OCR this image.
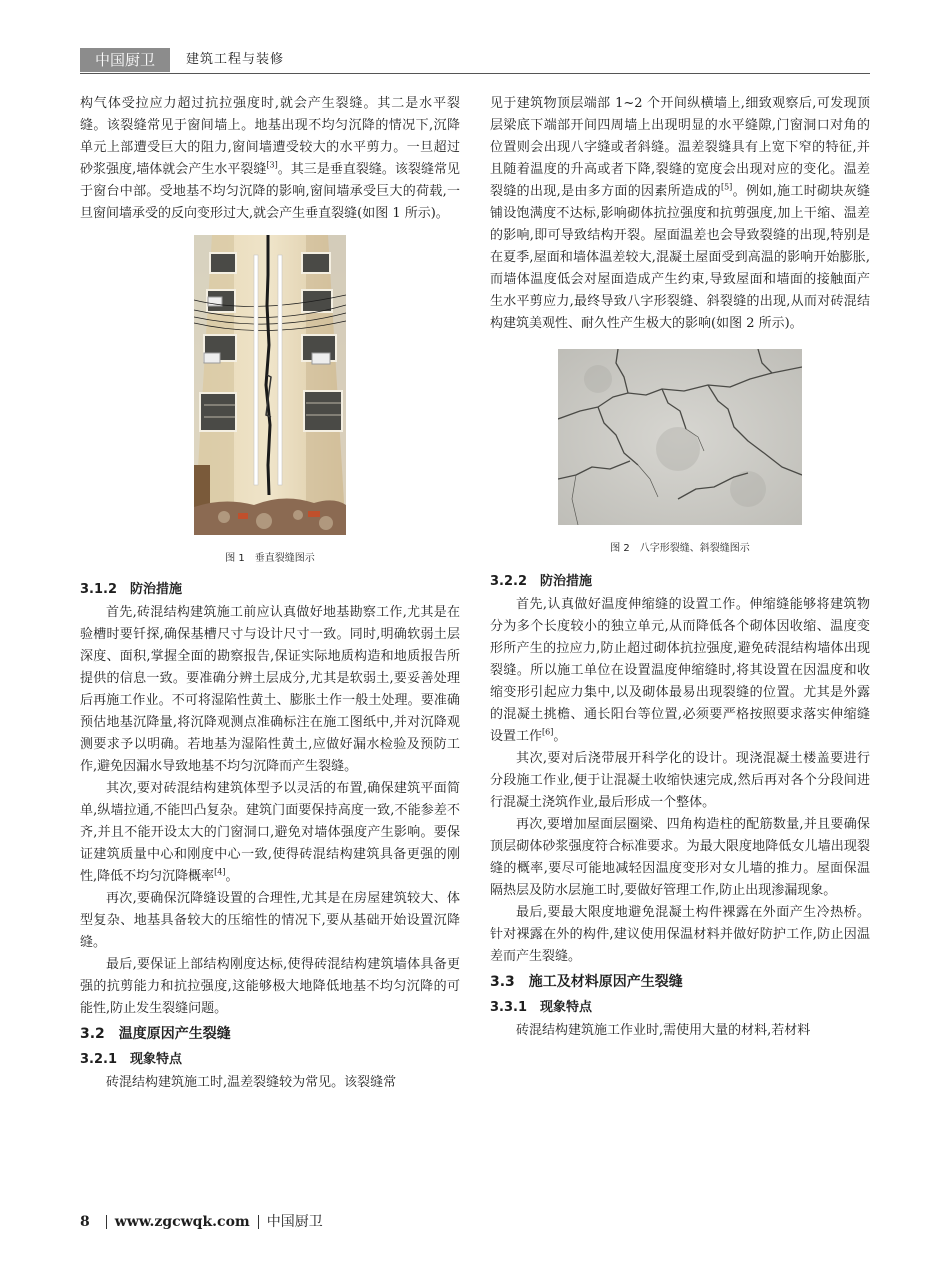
中国厨卫	建筑工程与装修

构气体受拉应力超过抗拉强度时,就会产生裂缝。其二是水平裂缝。该裂缝常见于窗间墙上。地基出现不均匀沉降的情况下,沉降单元上部遭受巨大的阻力,窗间墙遭受较大的水平剪力。一旦超过砂浆强度,墙体就会产生水平裂缝[3]。其三是垂直裂缝。该裂缝常见于窗台中部。受地基不均匀沉降的影响,窗间墙承受巨大的荷载,一旦窗间墙承受的反向变形过大,就会产生垂直裂缝(如图 1 所示)。

图 1　垂直裂缝图示
3.1.2　防治措施

首先,砖混结构建筑施工前应认真做好地基勘察工作,尤其是在验槽时要钎探,确保基槽尺寸与设计尺寸一致。同时,明确软弱土层深度、面积,掌握全面的勘察报告,保证实际地质构造和地质报告所提供的信息一致。要准确分辨土层成分,尤其是软弱土,要妥善处理后再施工作业。不可将湿陷性黄土、膨胀土作一般土处理。要准确预估地基沉降量,将沉降观测点准确标注在施工图纸中,并对沉降观测要求予以明确。若地基为湿陷性黄土,应做好漏水检验及预防工作,避免因漏水导致地基不均匀沉降而产生裂缝。

其次,要对砖混结构建筑体型予以灵活的布置,确保建筑平面简单,纵墙拉通,不能凹凸复杂。建筑门面要保持高度一致,不能参差不齐,并且不能开设太大的门窗洞口,避免对墙体强度产生影响。要保证建筑质量中心和刚度中心一致,使得砖混结构建筑具备更强的刚性,降低不均匀沉降概率[4]。

再次,要确保沉降缝设置的合理性,尤其是在房屋建筑较大、体型复杂、地基具备较大的压缩性的情况下,要从基础开始设置沉降缝。

最后,要保证上部结构刚度达标,使得砖混结构建筑墙体具备更强的抗剪能力和抗拉强度,这能够极大地降低地基不均匀沉降的可能性,防止发生裂缝问题。

3.2　温度原因产生裂缝
3.2.1　现象特点

砖混结构建筑施工时,温差裂缝较为常见。该裂缝常

见于建筑物顶层端部 1~2 个开间纵横墙上,细致观察后,可发现顶层梁底下端部开间四周墙上出现明显的水平缝隙,门窗洞口对角的位置则会出现八字缝或者斜缝。温差裂缝具有上宽下窄的特征,并且随着温度的升高或者下降,裂缝的宽度会出现对应的变化。温差裂缝的出现,是由多方面的因素所造成的[5]。例如,施工时砌块灰缝铺设饱满度不达标,影响砌体抗拉强度和抗剪强度,加上干缩、温差的影响,即可导致结构开裂。屋面温差也会导致裂缝的出现,特别是在夏季,屋面和墙体温差较大,混凝土屋面受到高温的影响开始膨胀,而墙体温度低会对屋面造成产生约束,导致屋面和墙面的接触面产生水平剪应力,最终导致八字形裂缝、斜裂缝的出现,从而对砖混结构建筑美观性、耐久性产生极大的影响(如图 2 所示)。

图 2　八字形裂缝、斜裂缝图示
3.2.2　防治措施

首先,认真做好温度伸缩缝的设置工作。伸缩缝能够将建筑物分为多个长度较小的独立单元,从而降低各个砌体因收缩、温度变形所产生的拉应力,防止超过砌体抗拉强度,避免砖混结构墙体出现裂缝。所以施工单位在设置温度伸缩缝时,将其设置在因温度和收缩变形引起应力集中,以及砌体最易出现裂缝的位置。尤其是外露的混凝土挑檐、通长阳台等位置,必须要严格按照要求落实伸缩缝设置工作[6]。

其次,要对后浇带展开科学化的设计。现浇混凝土楼盖要进行分段施工作业,便于让混凝土收缩快速完成,然后再对各个分段间进行混凝土浇筑作业,最后形成一个整体。

再次,要增加屋面层圈梁、四角构造柱的配筋数量,并且要确保顶层砌体砂浆强度符合标准要求。为最大限度地降低女儿墙出现裂缝的概率,要尽可能地减轻因温度变形对女儿墙的推力。屋面保温隔热层及防水层施工时,要做好管理工作,防止出现渗漏现象。

最后,要最大限度地避免混凝土构件裸露在外面产生冷热桥。针对裸露在外的构件,建议使用保温材料并做好防护工作,防止因温差而产生裂缝。

3.3　施工及材料原因产生裂缝
3.3.1　现象特点

砖混结构建筑施工作业时,需使用大量的材料,若材料

8 www.zgcwqk.com 中国厨卫
